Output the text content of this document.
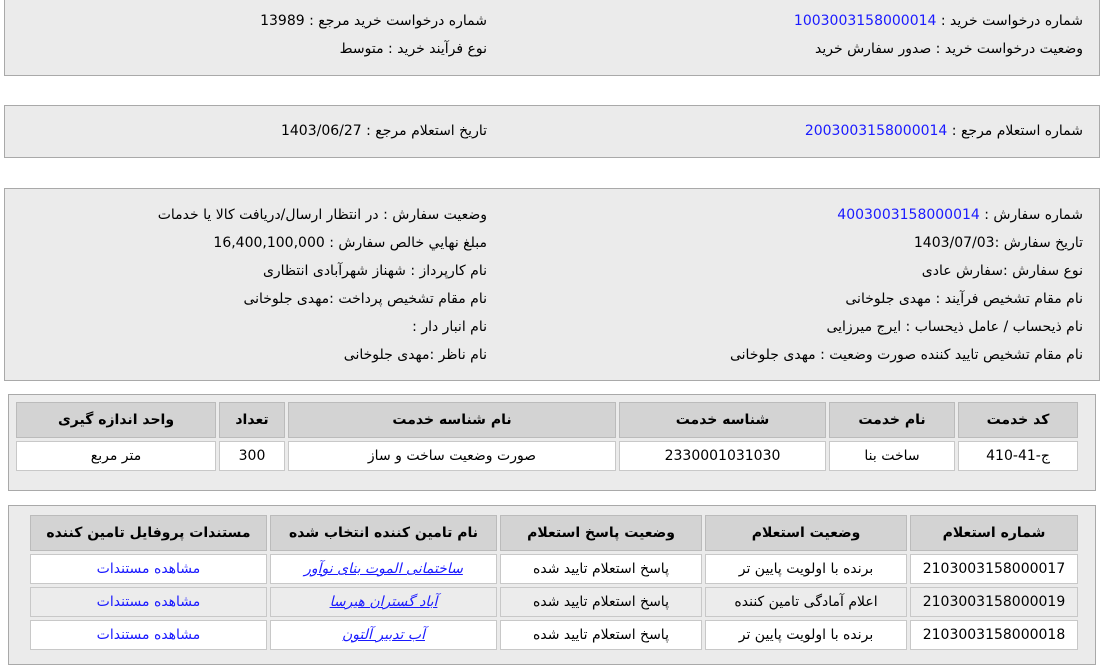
شماره درخواست خرید : 1003003158000014
شماره درخواست خرید مرجع : 13989
وضعیت درخواست خرید : صدور سفارش خرید
نوع فرآیند خرید : متوسط
شماره استعلام مرجع : 2003003158000014
تاریخ استعلام مرجع : 1403/06/27
شماره سفارش : 4003003158000014
وضعیت سفارش : در انتظار ارسال/دریافت کالا یا خدمات
تاریخ سفارش :1403/07/03
مبلغ نهايي خالص سفارش : 16,400,100,000
نوع سفارش :سفارش عادی
نام کارپرداز : شهناز شهرآبادی انتظاری
نام مقام تشخیص فرآیند : مهدی جلوخانی
نام مقام تشخیص پرداخت :مهدی جلوخانی
نام ذیحساب / عامل ذیحساب : ایرج میرزایی
نام انبار دار :
نام مقام تشخیص تایید کننده صورت وضعیت : مهدی جلوخانی
نام ناظر :مهدی جلوخانی
کد خدمت	نام خدمت	شناسه خدمت	نام شناسه خدمت	تعداد	واحد اندازه گیری
ج-41-410	ساخت بنا	2330001031030	صورت وضعیت ساخت و ساز	300	متر مربع
شماره استعلام	وضعیت استعلام	وضعیت پاسخ استعلام	نام تامین کننده انتخاب شده	مستندات پروفایل تامین کننده
2103003158000017	برنده با اولویت پایین تر	پاسخ استعلام تایید شده	ساختمانی الموت بنای نوآور	مشاهده مستندات
2103003158000019	اعلام آمادگی تامین کننده	پاسخ استعلام تایید شده	آباد گستران هیرسا	مشاهده مستندات
2103003158000018	برنده با اولویت پایین تر	پاسخ استعلام تایید شده	آب تدبیر آلتون	مشاهده مستندات
